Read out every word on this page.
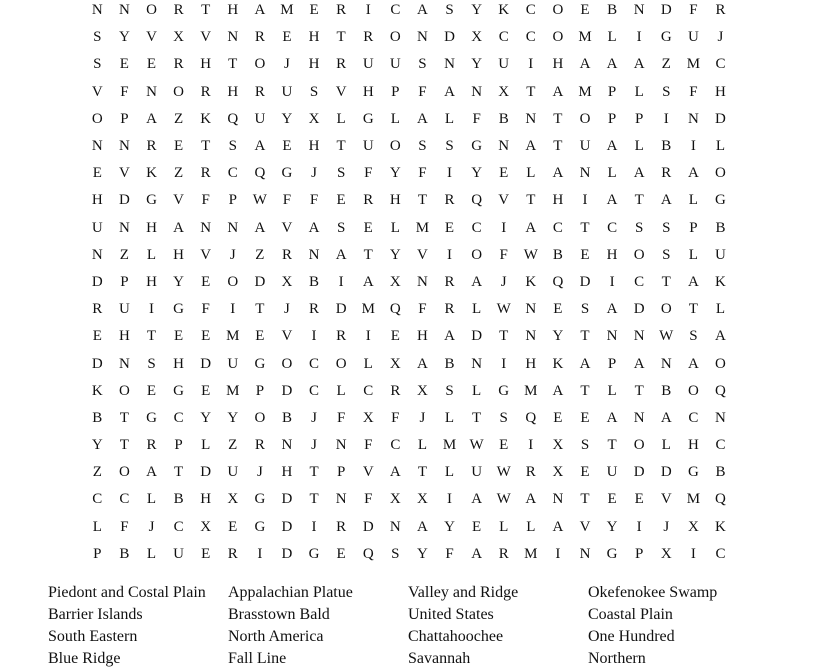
N	N	O	R	T	H	A M	E	R	I	C	A	S	Y	K	C	O	E	B	N	D	F	R
S	Y	V	X	V	N	R	E	H	T	R	O	N	D	X	C	C	O M	L	I	G	U	J
S	E	E	R	H	T	O	J	H	R	U	U	S	N	Y	U	I	H	A	A	A	Z	M C
V	F	N	O	R	H	R	U	S	V	H	P	F	A	N	X	T	A M	P	L	S	F	H
O	P	A	Z	K	Q	U	Y	X	L	G	L	A	L	F	B	N	T	O	P	P	I	N	D
N	N	R	E	T	S	A	E	H	T	U	O	S	S	G	N	A	T	U	A	L	B	I	L
E	V	K	Z	R	C	Q	G	J	S	F	Y	F	I	Y	E	L	A	N	L	A	R	A	O
H	D	G	V	F	P	W	F	F	E	R	H	T	R	Q	V	T	H	I	A	T	A	L	G
U	N	H	A	N	N	A	V	A	S	E	L	M	E	C	I	A	C	T	C	S	S	P	B
N	Z	L	H	V	J	Z	R	N	A	T	Y	V	I	O	F	W B	E	H	O	S	L	U
D	P	H	Y	E	O	D	X	B	I	A	X	N	R	A	J	K	Q	D	I	C	T	A	K
R	U	I	G	F	I	T	J	R	D M Q	F	R	L W N	E	S	A	D	O	T	L
E	H	T	E	E	M	E	V	I	R	I	E	H	A	D	T	N	Y	T	N	N W	S	A
D	N	S	H	D	U	G	O	C	O	L	X	A	B	N	I	H	K	A	P	A	N	A	O
K	O	E	G	E	M	P	D	C	L	C	R	X	S	L	G M A	T	L	T	B	O	Q
B	T	G	C	Y	Y	O	B	J	F	X	F	J	L	T	S	Q	E	E	A	N	A	C	N
Y	T	R	P	L	Z	R	N	J	N	F	C	L	M W E	I	X	S	T	O	L	H	C
Z	O	A	T	D	U	J	H	T	P	V	A	T	L	U W R	X	E	U	D	D	G	B
C	C	L	B	H	X	G	D	T	N	F	X	X	I	A W A	N	T	E	E	V M Q
L	F	J	C	X	E	G	D	I	R	D	N	A	Y	E	L	L	A	V	Y	I	J	X	K
P	B	L	U	E	R	I	D	G	E	Q	S	Y	F	A	R M	I	N	G	P	X	I	C
Piedont and Costal Plain	Appalachian Platue	Valley and Ridge	Okefenokee Swamp
Barrier Islands	Brasstown Bald	United States	Coastal Plain
South Eastern	North America	Chattahoochee	One Hundred
Blue Ridge	Fall Line	Savannah	Northern
